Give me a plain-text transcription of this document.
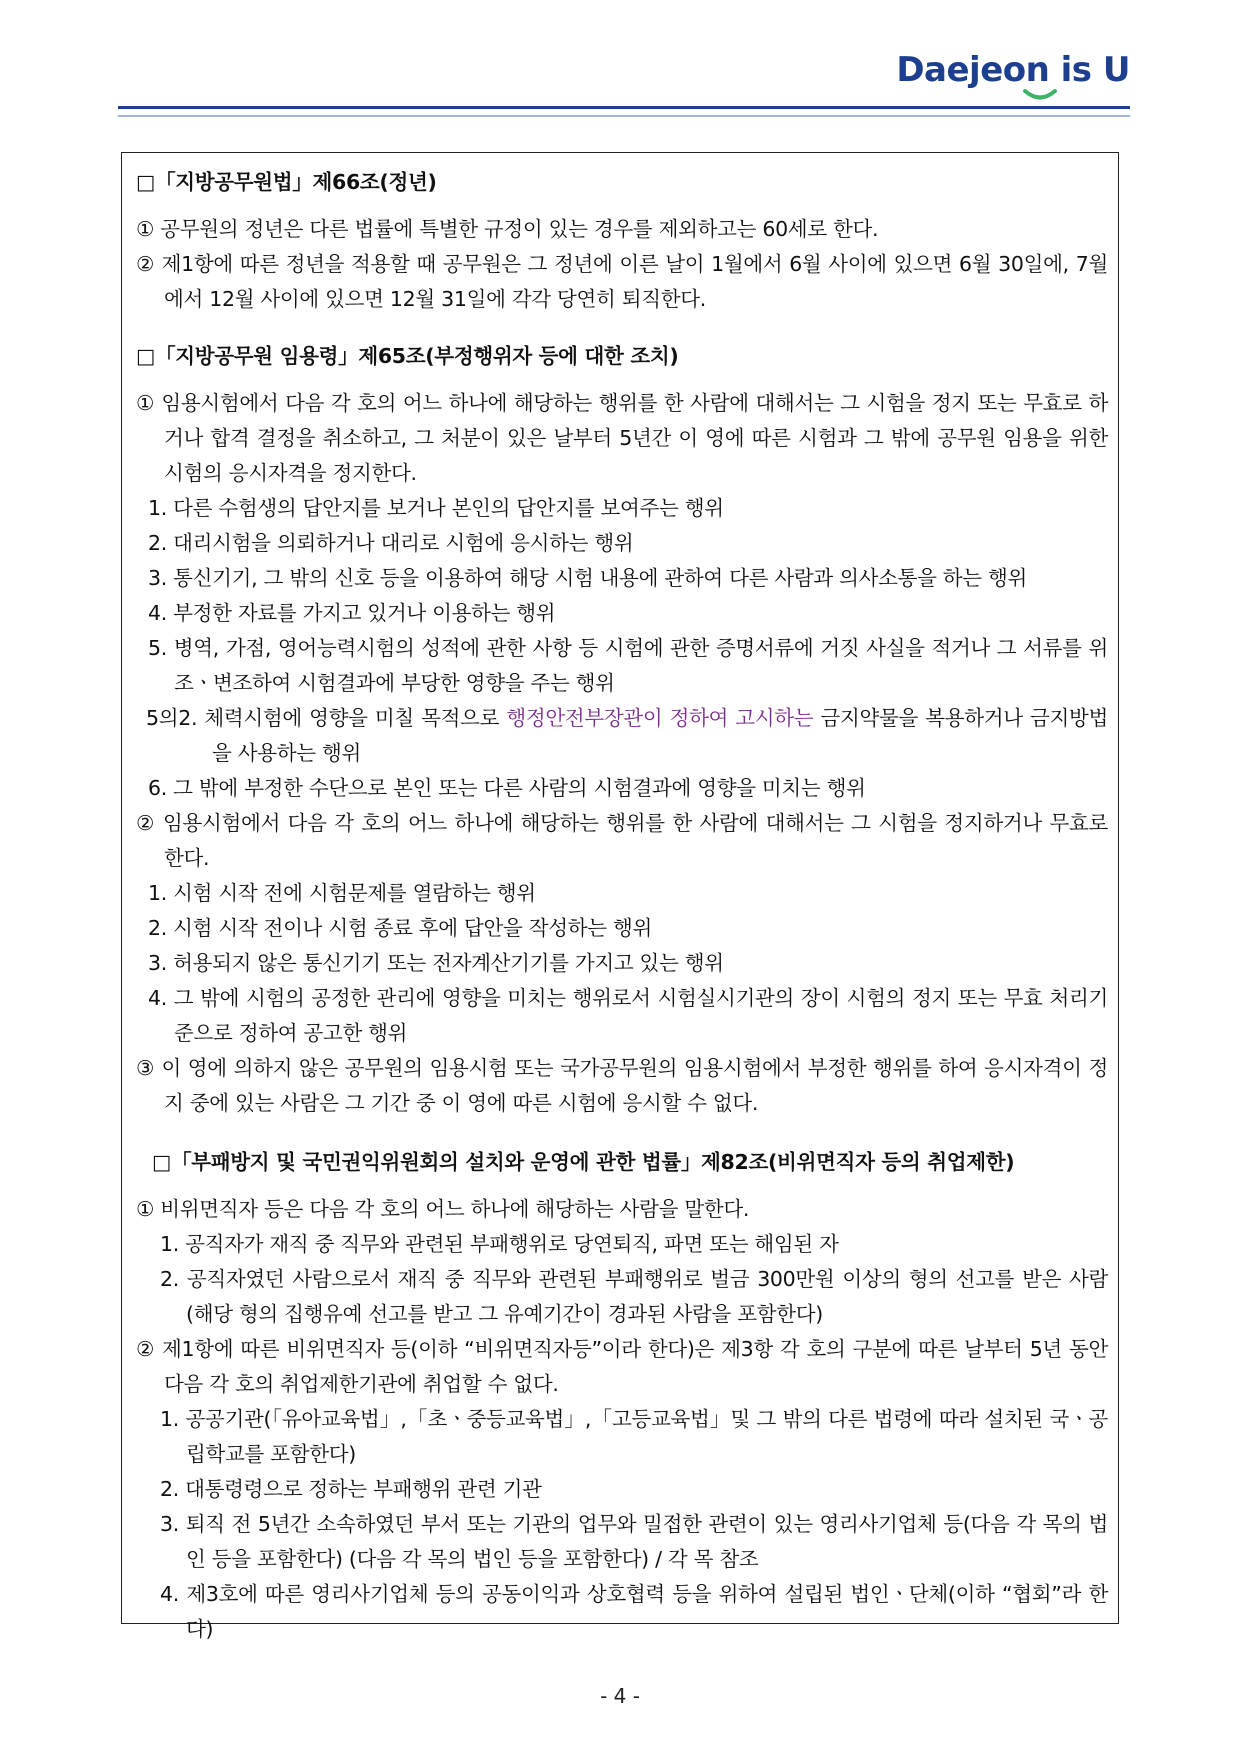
Daejeon is U

□「지방공무원법」제66조(정년)

① 공무원의 정년은 다른 법률에 특별한 규정이 있는 경우를 제외하고는 60세로 한다.

② 제1항에 따른 정년을 적용할 때 공무원은 그 정년에 이른 날이 1월에서 6월 사이에 있으면 6월 30일에, 7월에서 12월 사이에 있으면 12월 31일에 각각 당연히 퇴직한다.

□「지방공무원 임용령」제65조(부정행위자 등에 대한 조치)

① 임용시험에서 다음 각 호의 어느 하나에 해당하는 행위를 한 사람에 대해서는 그 시험을 정지 또는 무효로 하거나 합격 결정을 취소하고, 그 처분이 있은 날부터 5년간 이 영에 따른 시험과 그 밖에 공무원 임용을 위한 시험의 응시자격을 정지한다.

1. 다른 수험생의 답안지를 보거나 본인의 답안지를 보여주는 행위

2. 대리시험을 의뢰하거나 대리로 시험에 응시하는 행위

3. 통신기기, 그 밖의 신호 등을 이용하여 해당 시험 내용에 관하여 다른 사람과 의사소통을 하는 행위

4. 부정한 자료를 가지고 있거나 이용하는 행위

5. 병역, 가점, 영어능력시험의 성적에 관한 사항 등 시험에 관한 증명서류에 거짓 사실을 적거나 그 서류를 위조ㆍ변조하여 시험결과에 부당한 영향을 주는 행위

5의2. 체력시험에 영향을 미칠 목적으로 행정안전부장관이 정하여 고시하는 금지약물을 복용하거나 금지방법을 사용하는 행위

6. 그 밖에 부정한 수단으로 본인 또는 다른 사람의 시험결과에 영향을 미치는 행위

② 임용시험에서 다음 각 호의 어느 하나에 해당하는 행위를 한 사람에 대해서는 그 시험을 정지하거나 무효로 한다.

1. 시험 시작 전에 시험문제를 열람하는 행위

2. 시험 시작 전이나 시험 종료 후에 답안을 작성하는 행위

3. 허용되지 않은 통신기기 또는 전자계산기기를 가지고 있는 행위

4. 그 밖에 시험의 공정한 관리에 영향을 미치는 행위로서 시험실시기관의 장이 시험의 정지 또는 무효 처리기준으로 정하여 공고한 행위

③ 이 영에 의하지 않은 공무원의 임용시험 또는 국가공무원의 임용시험에서 부정한 행위를 하여 응시자격이 정지 중에 있는 사람은 그 기간 중 이 영에 따른 시험에 응시할 수 없다.

□「부패방지 및 국민권익위원회의 설치와 운영에 관한 법률」제82조(비위면직자 등의 취업제한)

① 비위면직자 등은 다음 각 호의 어느 하나에 해당하는 사람을 말한다.

1. 공직자가 재직 중 직무와 관련된 부패행위로 당연퇴직, 파면 또는 해임된 자

2. 공직자였던 사람으로서 재직 중 직무와 관련된 부패행위로 벌금 300만원 이상의 형의 선고를 받은 사람(해당 형의 집행유예 선고를 받고 그 유예기간이 경과된 사람을 포함한다)

② 제1항에 따른 비위면직자 등(이하 “비위면직자등”이라 한다)은 제3항 각 호의 구분에 따른 날부터 5년 동안 다음 각 호의 취업제한기관에 취업할 수 없다.

1. 공공기관(「유아교육법」,「초ㆍ중등교육법」,「고등교육법」및 그 밖의 다른 법령에 따라 설치된 국ㆍ공립학교를 포함한다)

2. 대통령령으로 정하는 부패행위 관련 기관

3. 퇴직 전 5년간 소속하였던 부서 또는 기관의 업무와 밀접한 관련이 있는 영리사기업체 등(다음 각 목의 법인 등을 포함한다) (다음 각 목의 법인 등을 포함한다) / 각 목 참조

4. 제3호에 따른 영리사기업체 등의 공동이익과 상호협력 등을 위하여 설립된 법인ㆍ단체(이하 “협회”라 한다)

- 4 -
